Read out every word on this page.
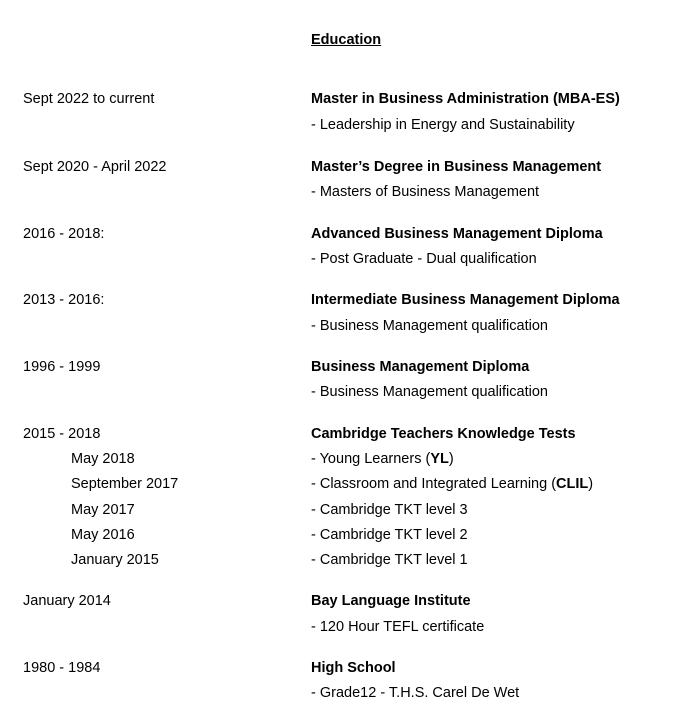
Education
Sept 2022 to current	Master in Business Administration (MBA-ES)
- Leadership in Energy and Sustainability
Sept 2020 - April 2022	Master’s Degree in Business Management
- Masters of Business Management
2016 - 2018:	Advanced Business Management Diploma
- Post Graduate - Dual qualification
2013 - 2016:	Intermediate Business Management Diploma
- Business Management qualification
1996 - 1999	Business Management Diploma
- Business Management qualification
2015 - 2018	Cambridge Teachers Knowledge Tests
May 2018	- Young Learners (YL)
September 2017	- Classroom and Integrated Learning (CLIL)
May 2017	- Cambridge TKT level 3
May 2016	- Cambridge TKT level 2
January 2015	- Cambridge TKT level 1
January 2014	Bay Language Institute
- 120 Hour TEFL certificate
1980 - 1984	High School
- Grade12 - T.H.S. Carel De Wet
